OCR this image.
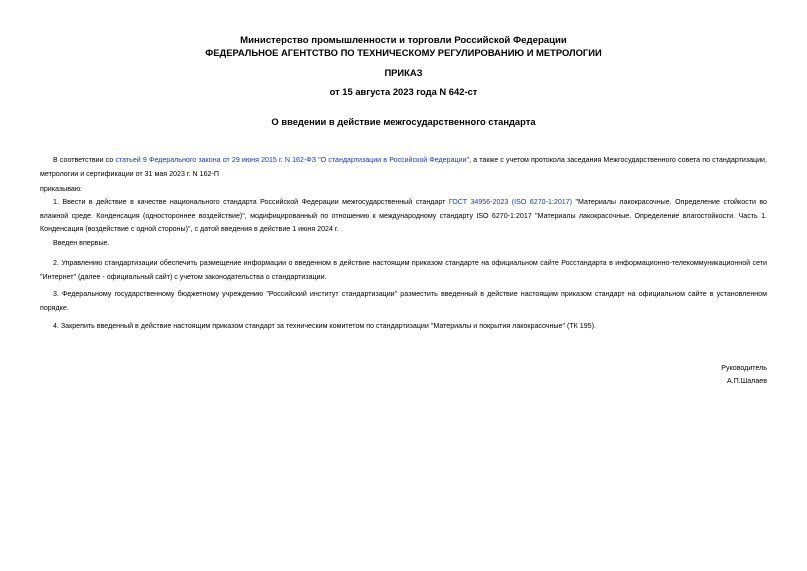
Министерство промышленности и торговли Российской Федерации
ФЕДЕРАЛЬНОЕ АГЕНТСТВО ПО ТЕХНИЧЕСКОМУ РЕГУЛИРОВАНИЮ И МЕТРОЛОГИИ
ПРИКАЗ
от 15 августа 2023 года N 642-ст
О введении в действие межгосударственного стандарта
В соответствии со статьей 9 Федерального закона от 29 июня 2015 г. N 162-ФЗ "О стандартизации в Российской Федерации", а также с учетом протокола заседания Межгосударственного совета по стандартизации, метрологии и сертификации от 31 мая 2023 г. N 162-П
приказываю:
1. Ввести в действие в качестве национального стандарта Российской Федерации межгосударственный стандарт ГОСТ 34956-2023 (ISO 6270-1:2017) "Материалы лакокрасочные. Определение стойкости во влажной среде. Конденсация (одностороннее воздействие)", модифицированный по отношению к международному стандарту ISO 6270-1:2017 "Материалы лакокрасочные. Определение влагостойкости. Часть 1. Конденсация (воздействие с одной стороны)", с датой введения в действие 1 июня 2024 г.
Введен впервые.
2. Управлению стандартизации обеспечить размещение информации о введенном в действие настоящим приказом стандарте на официальном сайте Росстандарта в информационно-телекоммуникационной сети "Интернет" (далее - официальный сайт) с учетом законодательства о стандартизации.
3. Федеральному государственному бюджетному учреждению "Российский институт стандартизации" разместить введенный в действие настоящим приказом стандарт на официальном сайте в установленном порядке.
4. Закрепить введенный в действие настоящим приказом стандарт за техническим комитетом по стандартизации "Материалы и покрытия лакокрасочные" (ТК 195).
Руководитель
А.П.Шалаев
